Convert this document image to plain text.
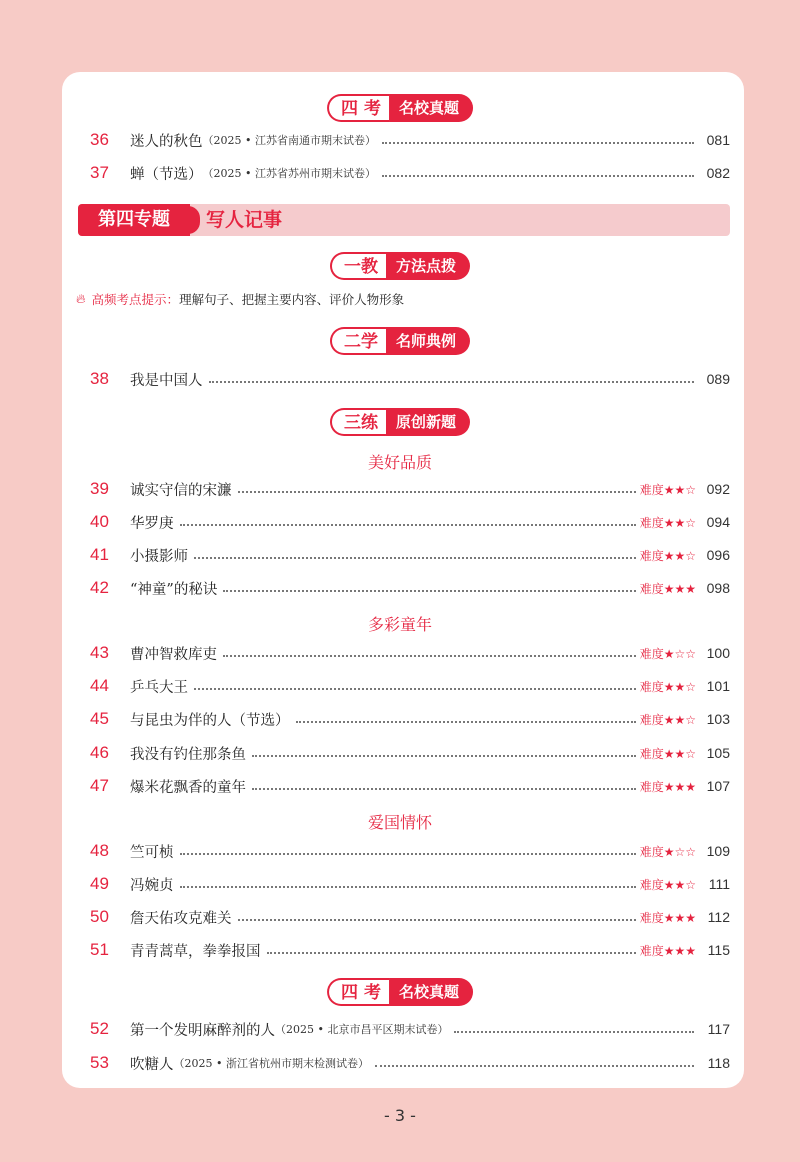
四 考	名校真题
36	迷人的秋色 （2025 • 江苏省南通市期末试卷）	081
37	蝉（节选） （2025 • 江苏省苏州市期末试卷）	082
第四专题	写人记事
一教	方法点拨
🔥︎ 高频考点提示： 理解句子、把握主要内容、评价人物形象
二学	名师典例
38	我是中国人	089
三练	原创新题
美好品质
39	诚实守信的宋濂	难度★★☆ 092
40	华罗庚	难度★★☆ 094
41	小摄影师	难度★★☆ 096
42	“神童”的秘诀	难度★★★ 098
多彩童年
43	曹冲智救库吏	难度★☆☆ 100
44	乒乓大王	难度★★☆ 101
45	与昆虫为伴的人（节选）	难度★★☆ 103
46	我没有钓住那条鱼	难度★★☆ 105
47	爆米花飘香的童年	难度★★★ 107
爱国情怀
48	竺可桢	难度★☆☆ 109
49	冯婉贞	难度★★☆ 111
50	詹天佑攻克难关	难度★★★ 112
51	青青蒿草，拳拳报国	难度★★★ 115
四 考	名校真题
52	第一个发明麻醉剂的人 （2025 • 北京市昌平区期末试卷）	117
53	吹糖人 （2025 • 浙江省杭州市期末检测试卷）	118
- 3 -
